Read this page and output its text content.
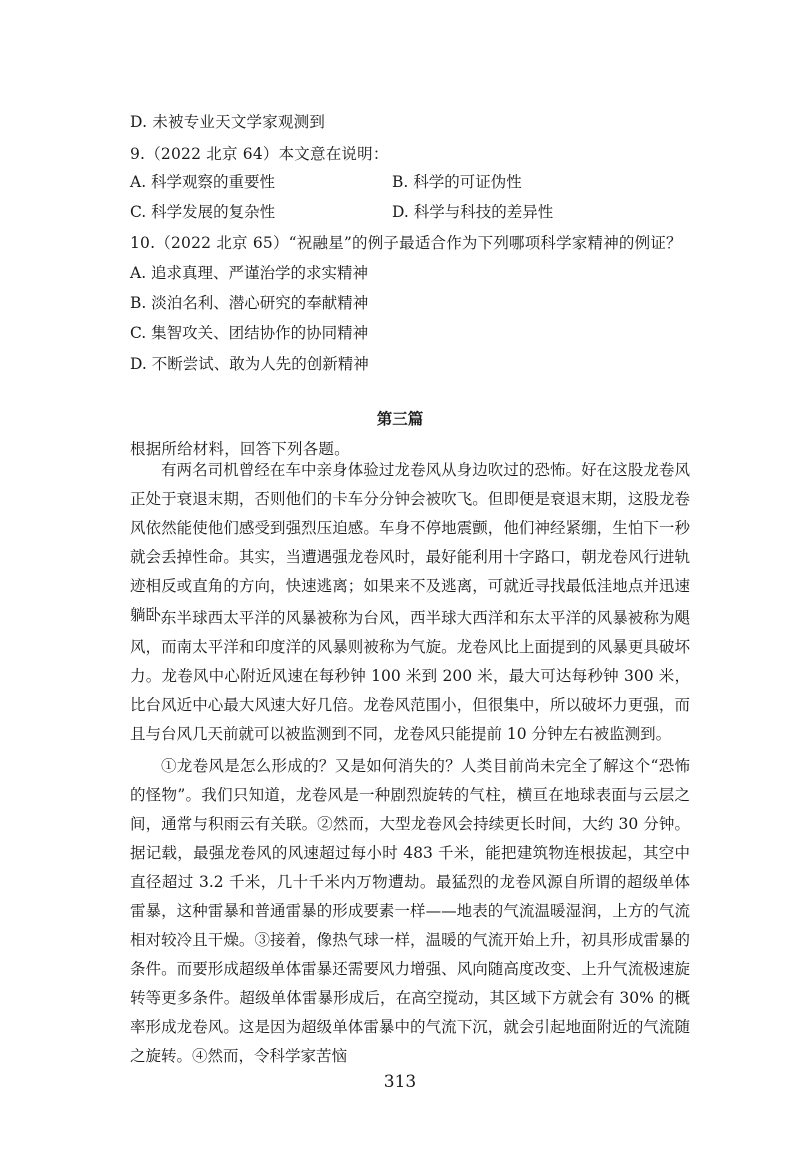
D. 未被专业天文学家观测到
9.（2022 北京 64）本文意在说明：
A. 科学观察的重要性	B. 科学的可证伪性
C. 科学发展的复杂性	D. 科学与科技的差异性
10.（2022 北京 65）“祝融星”的例子最适合作为下列哪项科学家精神的例证？
A. 追求真理、严谨治学的求实精神
B. 淡泊名利、潜心研究的奉献精神
C. 集智攻关、团结协作的协同精神
D. 不断尝试、敢为人先的创新精神
第三篇
根据所给材料，回答下列各题。
有两名司机曾经在车中亲身体验过龙卷风从身边吹过的恐怖。好在这股龙卷风正处于衰退末期，否则他们的卡车分分钟会被吹飞。但即便是衰退末期，这股龙卷风依然能使他们感受到强烈压迫感。车身不停地震颤，他们神经紧绷，生怕下一秒就会丢掉性命。其实，当遭遇强龙卷风时，最好能利用十字路口，朝龙卷风行进轨迹相反或直角的方向，快速逃离；如果来不及逃离，可就近寻找最低洼地点并迅速躺卧。
东半球西太平洋的风暴被称为台风，西半球大西洋和东太平洋的风暴被称为飓风，而南太平洋和印度洋的风暴则被称为气旋。龙卷风比上面提到的风暴更具破坏力。龙卷风中心附近风速在每秒钟 100 米到 200 米，最大可达每秒钟 300 米，比台风近中心最大风速大好几倍。龙卷风范围小，但很集中，所以破坏力更强，而且与台风几天前就可以被监测到不同，龙卷风只能提前 10 分钟左右被监测到。
①龙卷风是怎么形成的？又是如何消失的？人类目前尚未完全了解这个“恐怖的怪物”。我们只知道，龙卷风是一种剧烈旋转的气柱，横亘在地球表面与云层之间，通常与积雨云有关联。②然而，大型龙卷风会持续更长时间，大约 30 分钟。据记载，最强龙卷风的风速超过每小时 483 千米，能把建筑物连根拔起，其空中直径超过 3.2 千米，几十千米内万物遭劫。最猛烈的龙卷风源自所谓的超级单体雷暴，这种雷暴和普通雷暴的形成要素一样——地表的气流温暖湿润，上方的气流相对较冷且干燥。③接着，像热气球一样，温暖的气流开始上升，初具形成雷暴的条件。而要形成超级单体雷暴还需要风力增强、风向随高度改变、上升气流极速旋转等更多条件。超级单体雷暴形成后，在高空搅动，其区域下方就会有 30% 的概率形成龙卷风。这是因为超级单体雷暴中的气流下沉，就会引起地面附近的气流随之旋转。④然而，令科学家苦恼
313
